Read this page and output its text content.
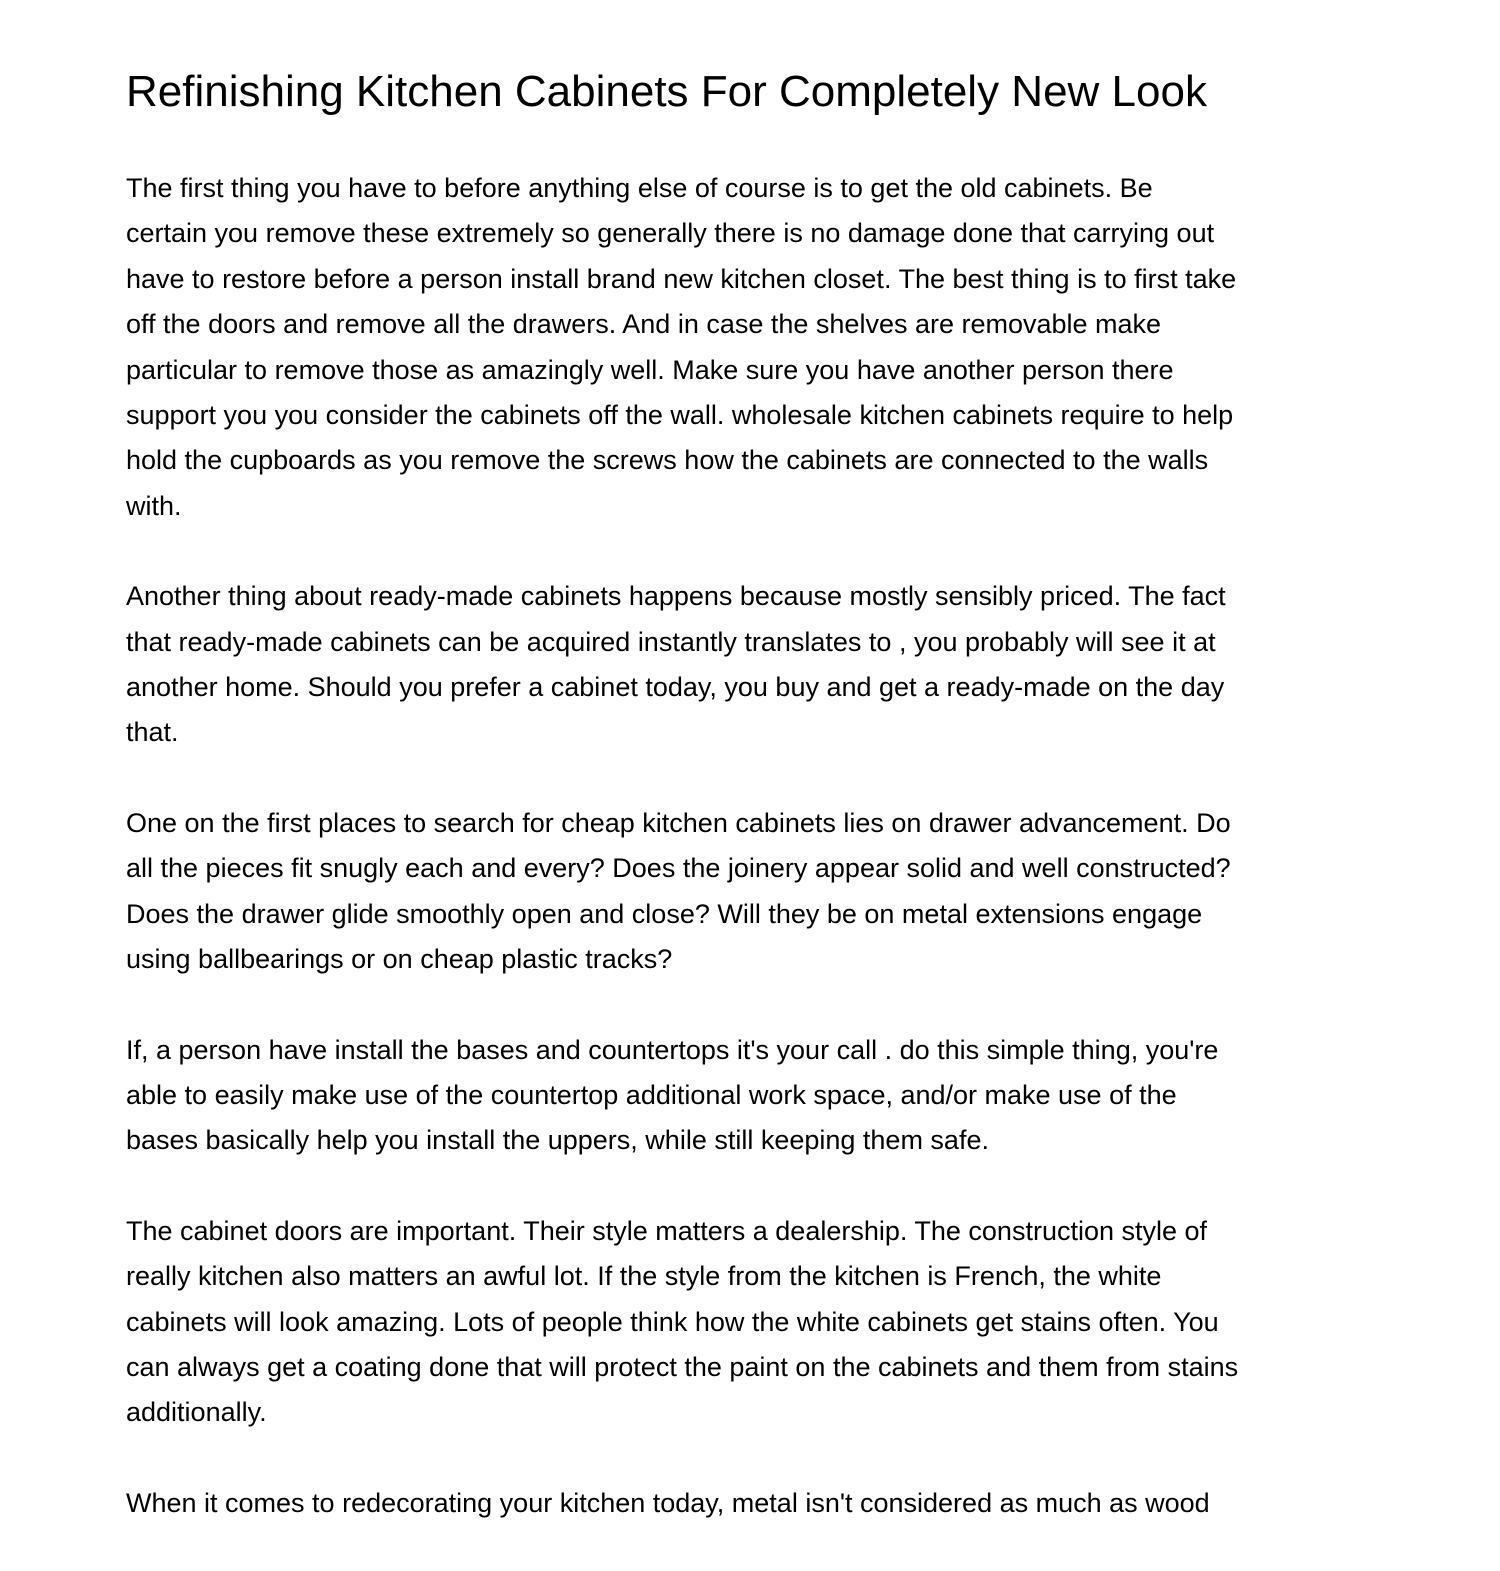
Refinishing Kitchen Cabinets For Completely New Look

The first thing you have to before anything else of course is to get the old cabinets. Be
certain you remove these extremely so generally there is no damage done that carrying out
have to restore before a person install brand new kitchen closet. The best thing is to first take
off the doors and remove all the drawers. And in case the shelves are removable make
particular to remove those as amazingly well. Make sure you have another person there
support you you consider the cabinets off the wall. wholesale kitchen cabinets require to help
hold the cupboards as you remove the screws how the cabinets are connected to the walls
with.

Another thing about ready-made cabinets happens because mostly sensibly priced. The fact
that ready-made cabinets can be acquired instantly translates to , you probably will see it at
another home. Should you prefer a cabinet today, you buy and get a ready-made on the day
that.

One on the first places to search for cheap kitchen cabinets lies on drawer advancement. Do
all the pieces fit snugly each and every? Does the joinery appear solid and well constructed?
Does the drawer glide smoothly open and close? Will they be on metal extensions engage
using ballbearings or on cheap plastic tracks?

If, a person have install the bases and countertops it's your call . do this simple thing, you're
able to easily make use of the countertop additional work space, and/or make use of the
bases basically help you install the uppers, while still keeping them safe.

The cabinet doors are important. Their style matters a dealership. The construction style of
really kitchen also matters an awful lot. If the style from the kitchen is French, the white
cabinets will look amazing. Lots of people think how the white cabinets get stains often. You
can always get a coating done that will protect the paint on the cabinets and them from stains
additionally.

When it comes to redecorating your kitchen today, metal isn't considered as much as wood
